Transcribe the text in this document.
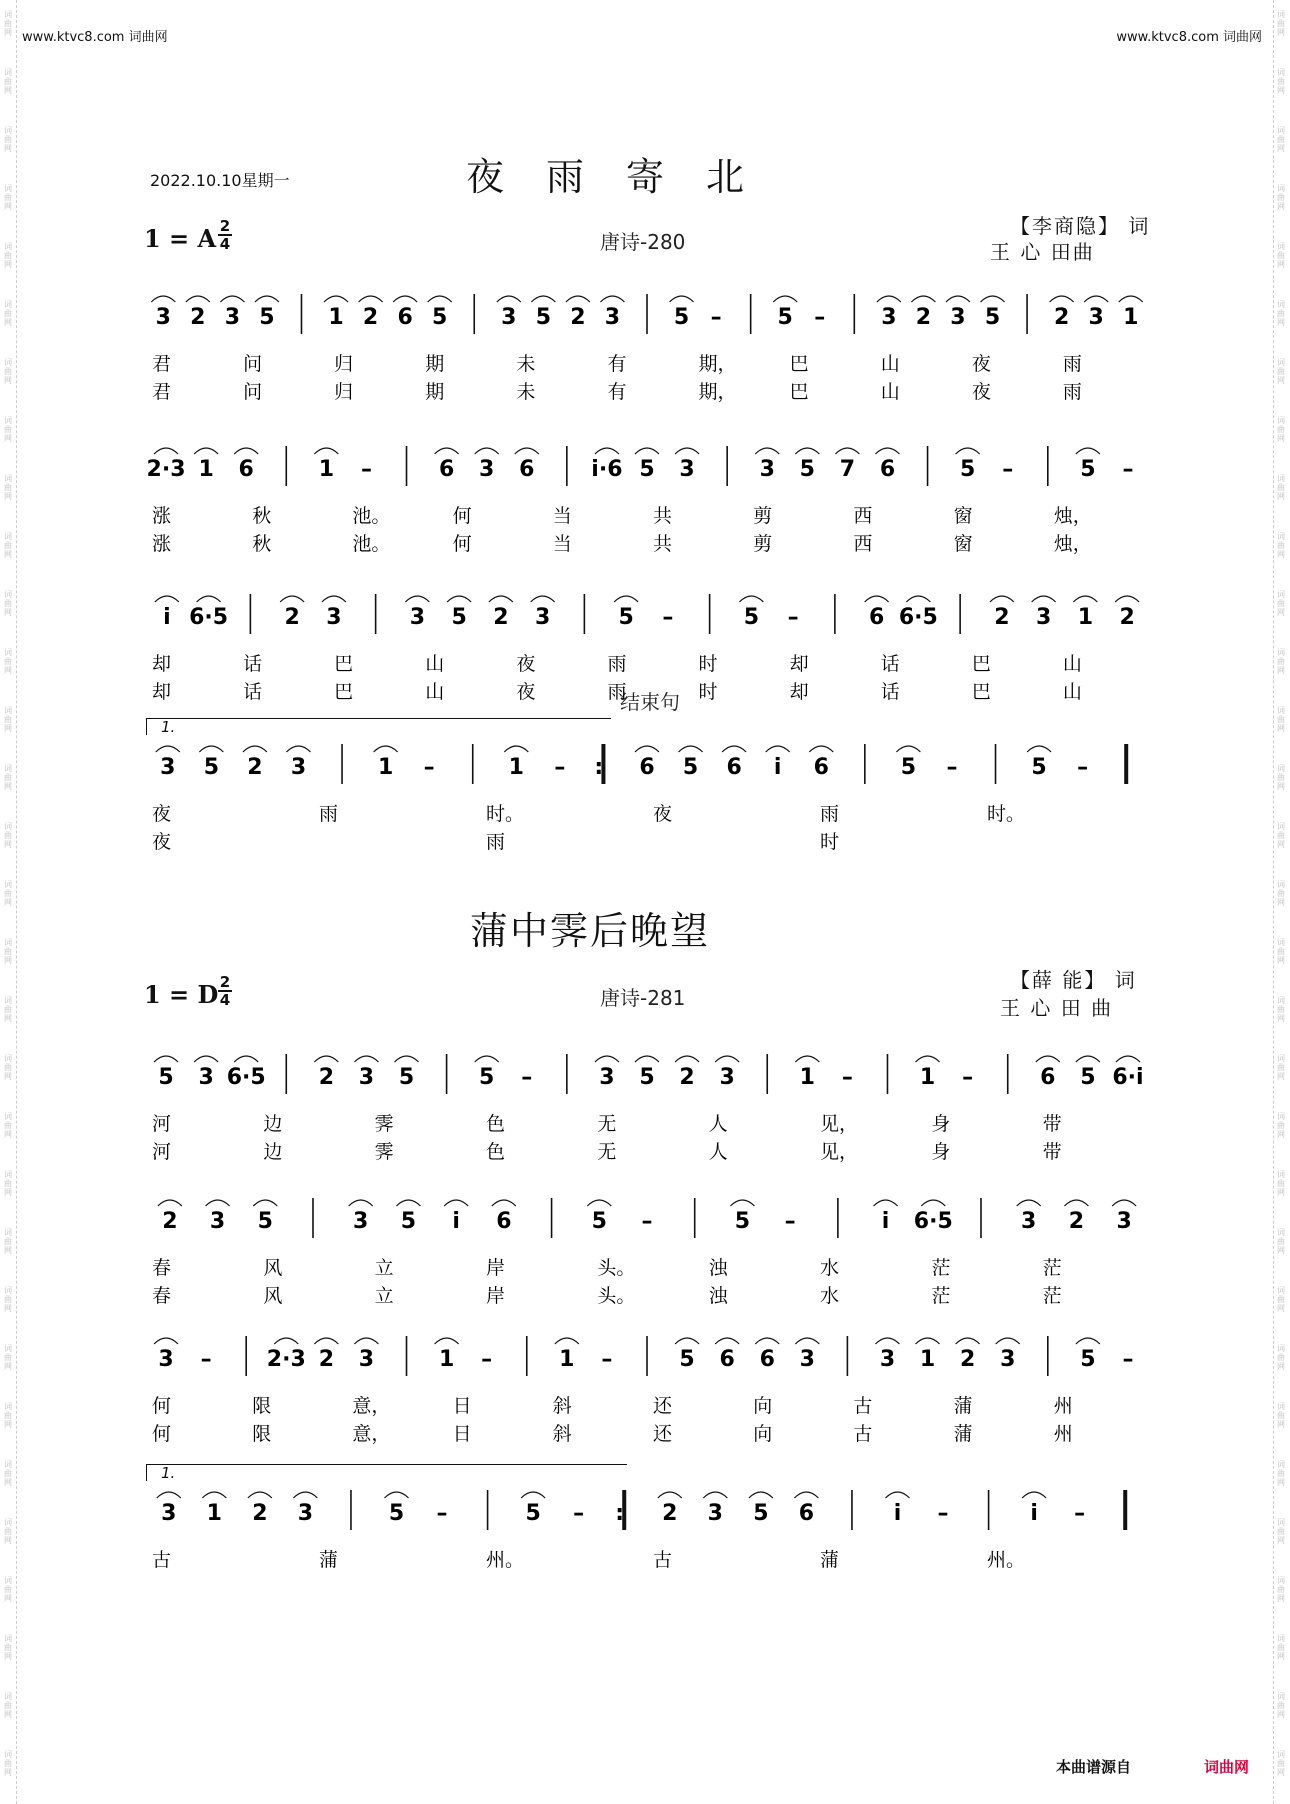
www.ktvc8.com 词曲网	www.ktvc8.com 词曲网
2022.10.10星期一	夜　雨　寄　北
1 = A 2
4	唐诗-280
【李商隐】 词
王 心 田曲
结束句
蒲中霁后晚望
1 = D 2
4	唐诗-281
【薛 能】 词
王 心 田 曲
3 2 3 5 1 2 6 5 3 5 2 3 5 –	5 –	3 2 3 5 2 3 1
君	问	归	期	未	有	期，	巴	山	夜	雨
君	问	归	期	未	有	期，	巴	山	夜	雨
2·3 1 6	1 –	6 3 6	i·6 5 3	3 5 7 6	5 –	5 –
涨	秋	池。	何	当	共	剪	西	窗	烛，
涨	秋	池。	何	当	共	剪	西	窗	烛，
i 6·5	2 3	3 5 2 3	5 –	5 –	6 6·5	2 3 1 2
却	话	巴	山	夜	雨	时	却	话	巴	山
却	话	巴	山	夜	雨	时	却	话	巴	山
3 5 2 3	1 –	1 – : 6 5 6 i 6	5 –	5 –
夜	雨	时。	夜	雨	时。
夜	雨	时
5 3 6·5 2 3 5	5 –	3 5 2 3	1 –	1 –	6 5 6·i
河	边	霁	色	无	人	见，	身	带
河	边	霁	色	无	人	见，	身	带
2 3 5	3 5 i 6	5 –	5 –	i 6·5	3 2 3
春	风	立	岸	头。	浊	水	茫	茫
春	风	立	岸	头。	浊	水	茫	茫
3 –	2·3 2 3	1 –	1 –	5 6 6 3	3 1 2 3	5 –
何	限	意，	日	斜	还	向	古	蒲	州
何	限	意，	日	斜	还	向	古	蒲	州
3 1 2 3	5 –	5 – : 2 3 5 6	i –	i –
古	蒲	州。	古	蒲	州。
本曲谱源自	词曲网
词
曲
网
词
曲
网
词
曲
网
词
曲
网
词
曲
网
词
曲
网
词
曲
网
词
曲
网
词
曲
网
词
曲
网
词
曲
网
词
曲
网
词
曲
网
词
曲
网
词
曲
网
词
曲
网
词
曲
网
词
曲
网
词
曲
网
词
曲
网
词
曲
网
词
曲
网
词
曲
网
词
曲
网
词
曲
网
词
曲
网
词
曲
网
词
曲
网
词
曲
网
词
曲
网
词
曲
网
词
曲
网
词
曲
网
词
曲
网
词
曲
网
词
曲
网
词
曲
网
词
曲
网
词
曲
网
词
曲
网
词
曲
网
词
曲
网
词
曲
网
词
曲
网
词
曲
网
词
曲
网
词
曲
网
词
曲
网
词
曲
网
词
曲
网
词
曲
网
词
曲
网
词
曲
网
词
曲
网
词
曲
网
词
曲
网
词
曲
网
词
曲
网
词
曲
网
词
曲
网
词
曲
网
词
曲
网
1.
1.
